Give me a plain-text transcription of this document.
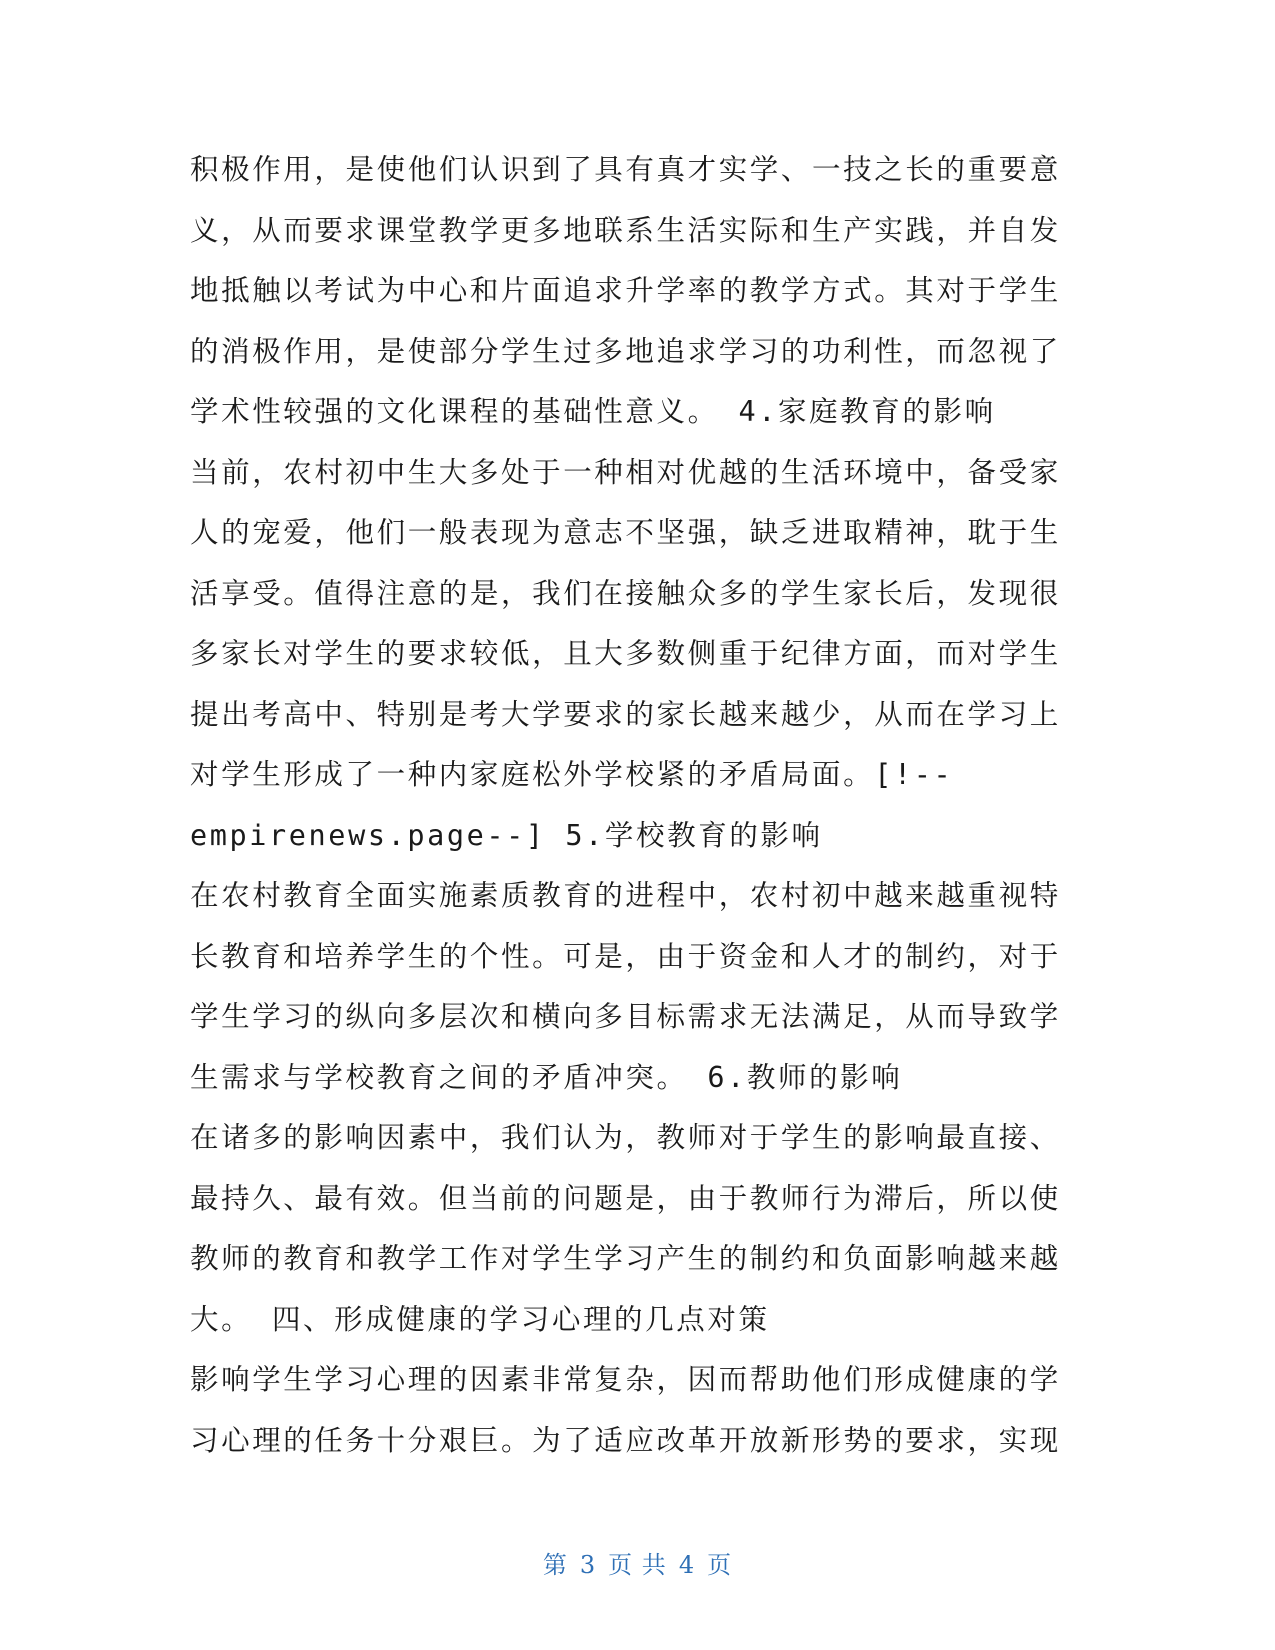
积极作用，是使他们认识到了具有真才实学、一技之长的重要意
义，从而要求课堂教学更多地联系生活实际和生产实践，并自发
地抵触以考试为中心和片面追求升学率的教学方式。其对于学生
的消极作用，是使部分学生过多地追求学习的功利性，而忽视了
学术性较强的文化课程的基础性意义。 4.家庭教育的影响
当前，农村初中生大多处于一种相对优越的生活环境中，备受家
人的宠爱，他们一般表现为意志不坚强，缺乏进取精神，耽于生
活享受。值得注意的是，我们在接触众多的学生家长后，发现很
多家长对学生的要求较低，且大多数侧重于纪律方面，而对学生
提出考高中、特别是考大学要求的家长越来越少，从而在学习上
对学生形成了一种内家庭松外学校紧的矛盾局面。[!--
empirenews.page--] 5.学校教育的影响
在农村教育全面实施素质教育的进程中，农村初中越来越重视特
长教育和培养学生的个性。可是，由于资金和人才的制约，对于
学生学习的纵向多层次和横向多目标需求无法满足，从而导致学
生需求与学校教育之间的矛盾冲突。 6.教师的影响
在诸多的影响因素中，我们认为，教师对于学生的影响最直接、
最持久、最有效。但当前的问题是，由于教师行为滞后，所以使
教师的教育和教学工作对学生学习产生的制约和负面影响越来越
大。 四、形成健康的学习心理的几点对策
影响学生学习心理的因素非常复杂，因而帮助他们形成健康的学
习心理的任务十分艰巨。为了适应改革开放新形势的要求，实现
第 3 页 共 4 页
